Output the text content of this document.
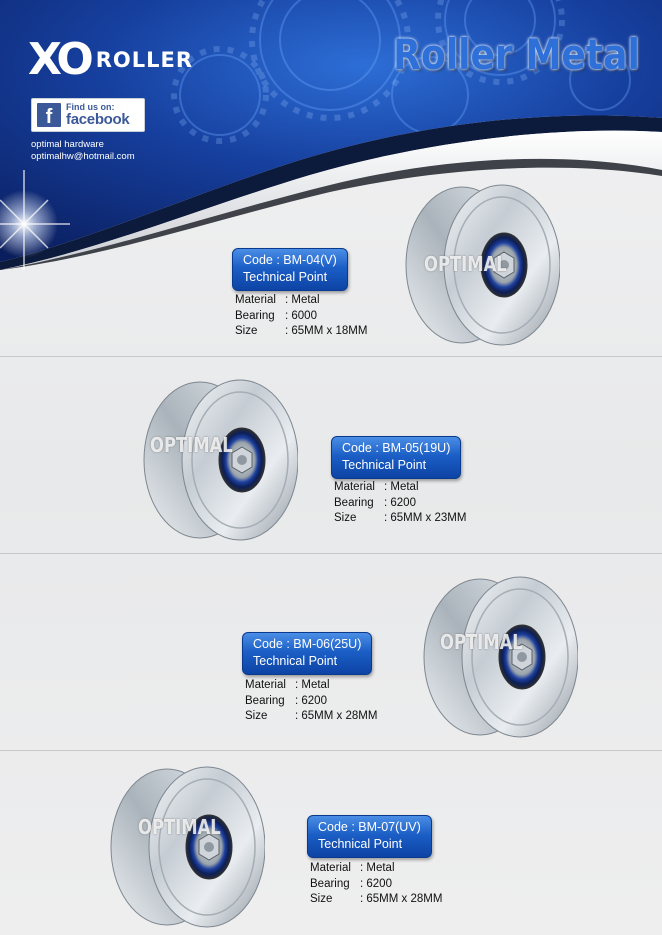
XO ROLLER	Roller Metal
f	Find us on:
facebook
optimal hardware
optimalhw@hotmail.com
OPTIMAL
Code : BM-04(V)
Technical Point
Material : Metal
Bearing : 6000
Size	: 65MM x 18MM
OPTIMAL	Code : BM-05(19U)
Technical Point
Material : Metal
Bearing : 6200
Size	: 65MM x 23MM
OPTIMAL
Code : BM-06(25U)
Technical Point
Material : Metal
Bearing : 6200
Size	: 65MM x 28MM
OPTIMAL	Code : BM-07(UV)
Technical Point
Material : Metal
Bearing : 6200
Size	: 65MM x 28MM
